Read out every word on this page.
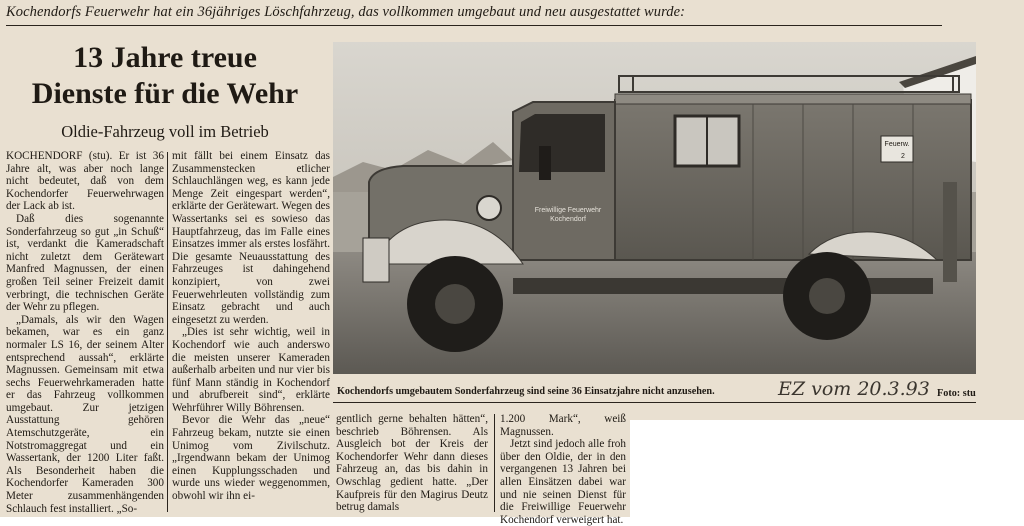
Kochendorfs Feuerwehr hat ein 36jähriges Löschfahrzeug, das vollkommen umgebaut und neu ausgestattet wurde:
13 Jahre treue
Dienste für die Wehr
Oldie-Fahrzeug voll im Betrieb

KOCHENDORF (stu). Er ist 36 Jahre alt, was aber noch lange nicht bedeutet, daß von dem Kochendorfer Feuerwehrwagen der Lack ab ist.

Daß dies sogenannte Sonderfahrzeug so gut „in Schuß“ ist, verdankt die Kameradschaft nicht zuletzt dem Gerätewart Manfred Magnussen, der einen großen Teil seiner Freizeit damit verbringt, die technischen Geräte der Wehr zu pflegen.

„Damals, als wir den Wagen bekamen, war es ein ganz normaler LS 16, der seinem Alter entsprechend aussah“, erklärte Magnussen. Gemeinsam mit etwa sechs Feuerwehrkameraden hatte er das Fahrzeug vollkommen umgebaut. Zur jetzigen Ausstattung gehören Atemschutzgeräte, ein Notstromaggregat und ein Wassertank, der 1200 Liter faßt. Als Besonderheit haben die Kochendorfer Kameraden 300 Meter zusammenhängenden Schlauch fest installiert. „So-

mit fällt bei einem Einsatz das Zusammenstecken etlicher Schlauchlängen weg, es kann jede Menge Zeit eingespart werden“, erklärte der Gerätewart. Wegen des Wassertanks sei es sowieso das Hauptfahrzeug, das im Falle eines Einsatzes immer als erstes losfährt. Die gesamte Neuausstattung des Fahrzeuges ist dahingehend konzipiert, von zwei Feuerwehrleuten vollständig zum Einsatz gebracht und auch eingesetzt zu werden.

„Dies ist sehr wichtig, weil in Kochendorf wie auch anderswo die meisten unserer Kameraden außerhalb arbeiten und nur vier bis fünf Mann ständig in Kochendorf und abrufbereit sind“, erklärte Wehrführer Willy Böhrensen.

Bevor die Wehr das „neue“ Fahrzeug bekam, nutzte sie einen Unimog vom Zivilschutz. „Irgendwann bekam der Unimog einen Kupplungsschaden und wurde uns wieder weggenommen, obwohl wir ihn ei-

Feuerw.
2
Freiwillige Feuerwehr
Kochendorf
Kochendorfs umgebautem Sonderfahrzeug sind seine 36 Einsatzjahre nicht anzusehen.	EZ vom 20.3.93 Foto: stu

gentlich gerne behalten hätten“, beschrieb Böhrensen. Als Ausgleich bot der Kreis der Kochendorfer Wehr dann dieses Fahrzeug an, das bis dahin in Owschlag gedient hatte. „Der Kaufpreis für den Magirus Deutz betrug damals

1.200 Mark“, weiß Magnussen.

Jetzt sind jedoch alle froh über den Oldie, der in den vergangenen 13 Jahren bei allen Einsätzen dabei war und nie seinen Dienst für die Freiwillige Feuerwehr Kochendorf verweigert hat.
